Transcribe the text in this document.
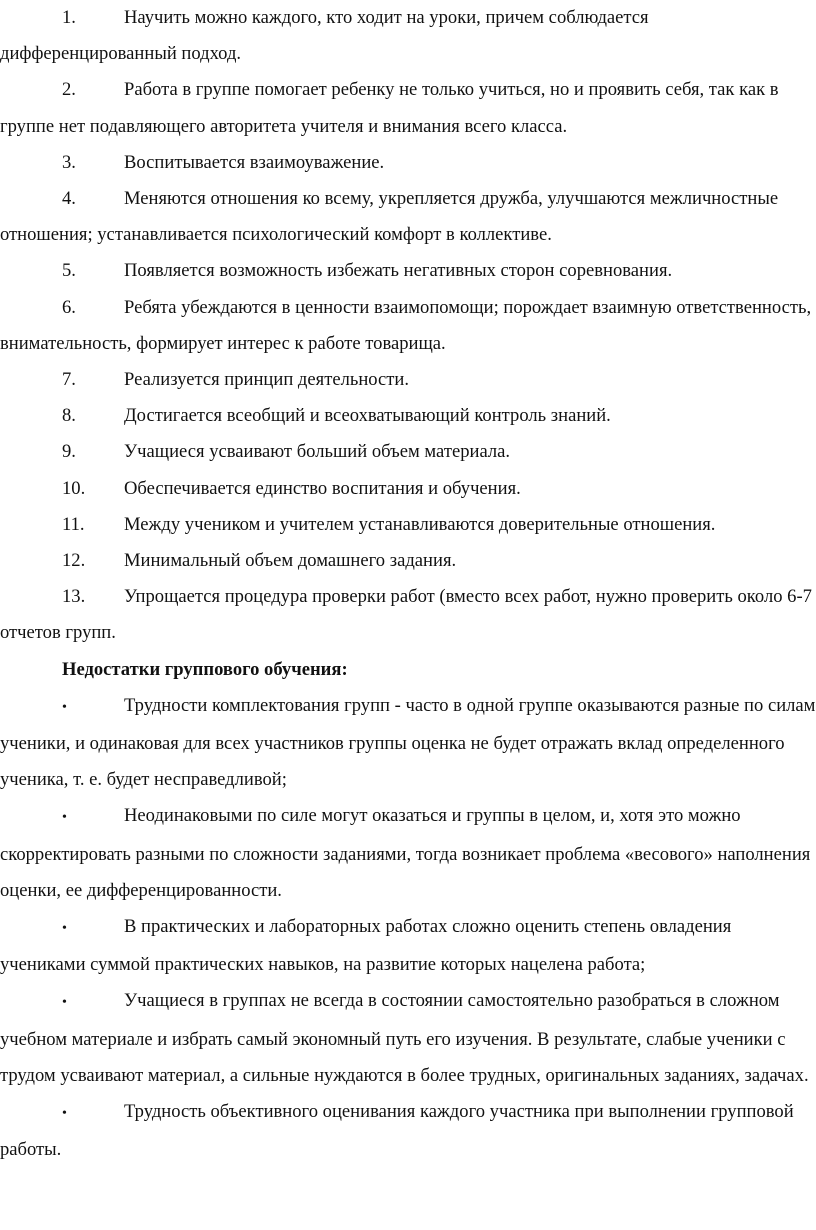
1.	Научить можно каждого, кто ходит на уроки, причем соблюдается дифференцированный подход.

2.	Работа в группе помогает ребенку не только учиться, но и проявить себя, так как в группе нет подавляющего авторитета учителя и внимания всего класса.

3.	Воспитывается взаимоуважение.

4.	Меняются отношения ко всему, укрепляется дружба, улучшаются межличностные отношения; устанавливается психологический комфорт в коллективе.

5.	Появляется возможность избежать негативных сторон соревнования.

6.	Ребята убеждаются в ценности взаимопомощи; порождает взаимную ответственность, внимательность, формирует интерес к работе товарища.

7.	Реализуется принцип деятельности.

8.	Достигается всеобщий и всеохватывающий контроль знаний.

9.	Учащиеся усваивают больший объем материала.

10. Обеспечивается единство воспитания и обучения.

11. Между учеником и учителем устанавливаются доверительные отношения.

12. Минимальный объем домашнего задания.

13. Упрощается процедура проверки работ (вместо всех работ, нужно проверить около 6-7 отчетов групп.

Недостатки группового обучения:

•	Трудности комплектования групп - часто в одной группе оказываются разные по силам ученики, и одинаковая для всех участников группы оценка не будет отражать вклад определенного ученика, т. е. будет несправедливой;

•	Неодинаковыми по силе могут оказаться и группы в целом, и, хотя это можно скорректировать разными по сложности заданиями, тогда возникает проблема «весового» наполнения оценки, ее дифференцированности.

•	В практических и лабораторных работах сложно оценить степень овладения учениками суммой практических навыков, на развитие которых нацелена работа;

•	Учащиеся в группах не всегда в состоянии самостоятельно разобраться в сложном учебном материале и избрать самый экономный путь его изучения. В результате, слабые ученики с трудом усваивают материал, а сильные нуждаются в более трудных, оригинальных заданиях, задачах.

•	Трудность объективного оценивания каждого участника при выполнении групповой работы.
